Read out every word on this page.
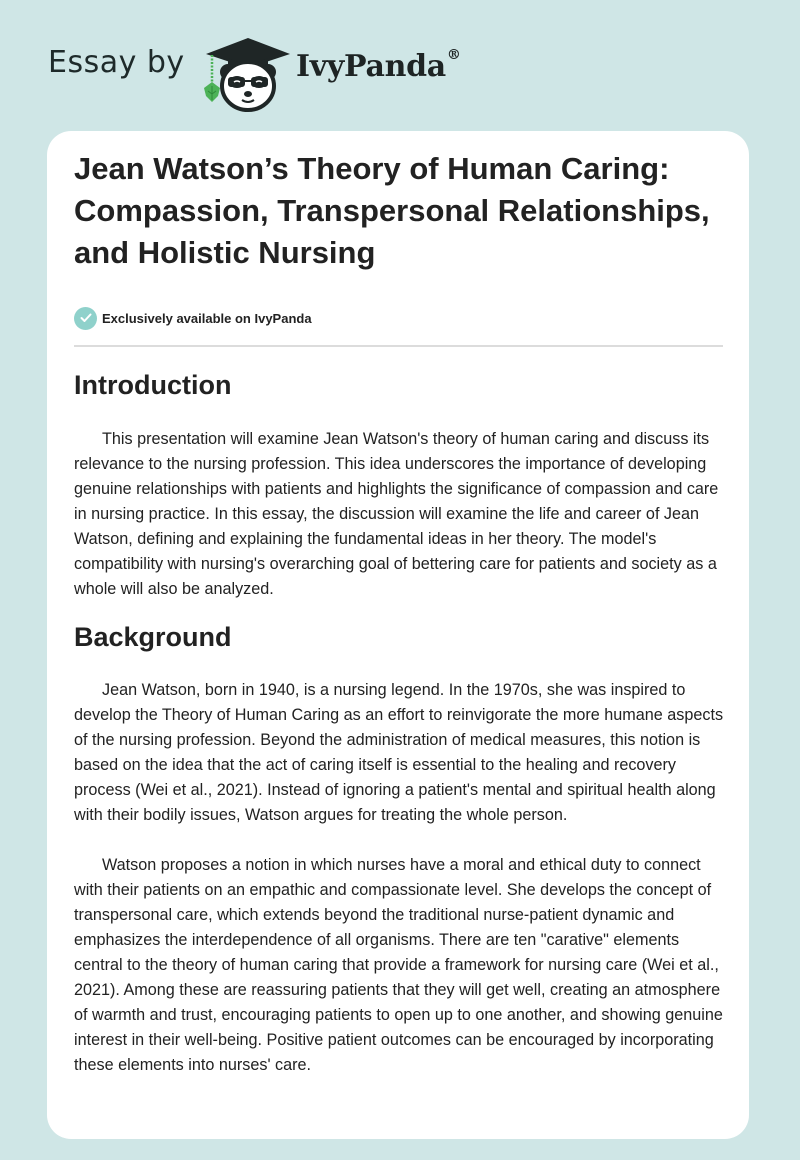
Essay by	IvyPanda®
Jean Watson’s Theory of Human Caring: Compassion, Transpersonal Relationships, and Holistic Nursing
Exclusively available on IvyPanda
Introduction

This presentation will examine Jean Watson's theory of human caring and discuss its relevance to the nursing profession. This idea underscores the importance of developing genuine relationships with patients and highlights the significance of compassion and care in nursing practice. In this essay, the discussion will examine the life and career of Jean Watson, defining and explaining the fundamental ideas in her theory. The model's compatibility with nursing's overarching goal of bettering care for patients and society as a whole will also be analyzed.

Background

Jean Watson, born in 1940, is a nursing legend. In the 1970s, she was inspired to develop the Theory of Human Caring as an effort to reinvigorate the more humane aspects of the nursing profession. Beyond the administration of medical measures, this notion is based on the idea that the act of caring itself is essential to the healing and recovery process (Wei et al., 2021). Instead of ignoring a patient's mental and spiritual health along with their bodily issues, Watson argues for treating the whole person.

Watson proposes a notion in which nurses have a moral and ethical duty to connect with their patients on an empathic and compassionate level. She develops the concept of transpersonal care, which extends beyond the traditional nurse-patient dynamic and emphasizes the interdependence of all organisms. There are ten "carative" elements central to the theory of human caring that provide a framework for nursing care (Wei et al., 2021). Among these are reassuring patients that they will get well, creating an atmosphere of warmth and trust, encouraging patients to open up to one another, and showing genuine interest in their well-being. Positive patient outcomes can be encouraged by incorporating these elements into nurses' care.
